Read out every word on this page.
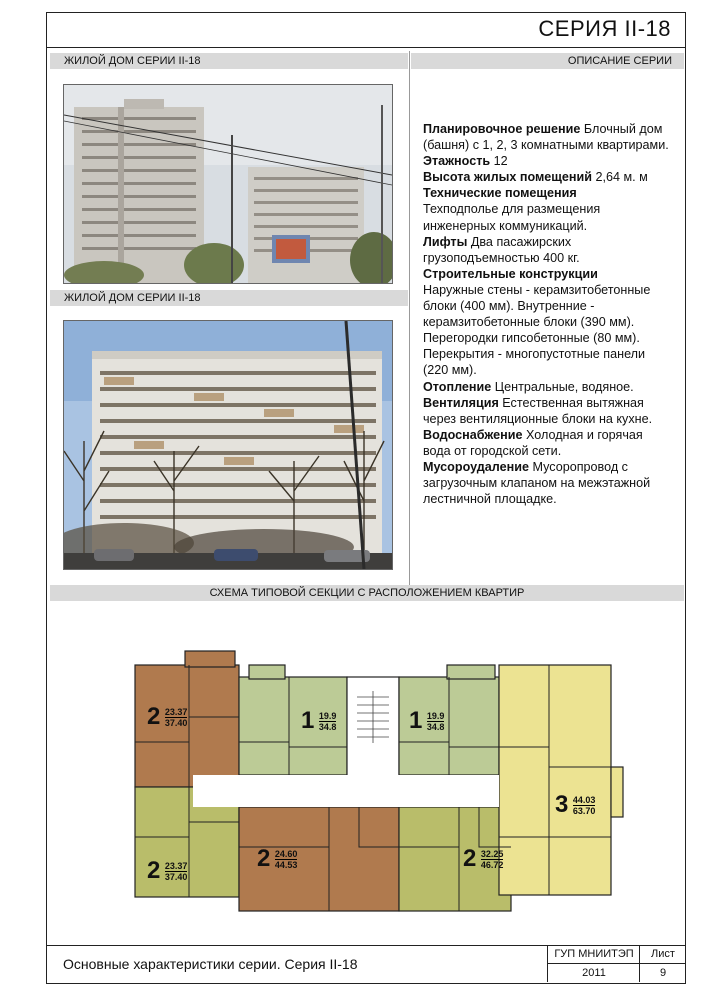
СЕРИЯ II-18
ЖИЛОЙ ДОМ СЕРИИ II-18	ОПИСАНИЕ СЕРИИ
ЖИЛОЙ ДОМ СЕРИИ II-18

Планировочное решение Блочный дом (башня) с 1, 2, 3 комнатными квартирами.

Этажность 12

Высота жилых помещений 2,64 м. м

Технические помещения
Техподполье для размещения инженерных коммуникаций.

Лифты Два пасажирских грузоподъемностью 400 кг.

Строительные конструкции
Наружные стены - керамзитобетонные блоки (400 мм). Внутренние - керамзитобетонные блоки (390 мм). Перегородки гипсобетонные (80 мм). Перекрытия - многопустотные панели (220 мм).

Отопление Центральные, водяное.

Вентиляция Естественная вытяжная через вентиляционные блоки на кухне.

Водоснабжение Холодная и горячая вода от городской сети.

Мусороудаление Мусоропровод с загрузочным клапаном на межэтажной лестничной площадке.

СХЕМА ТИПОВОЙ СЕКЦИИ С РАСПОЛОЖЕНИЕМ КВАРТИР
$2 \frac{23.37}{37.40}$
$2 \frac{23.37}{37.40}$
$1 \frac{19.9}{34.8}$
$2 \frac{24.60}{44.53}$
$1 \frac{19.9}{34.8}$
$2 \frac{32.25}{46.72}$
$3 \frac{44.03}{63.70}$
Основные характеристики серии. Серия II-18
ГУП МНИИТЭП
2011
Лист
9
